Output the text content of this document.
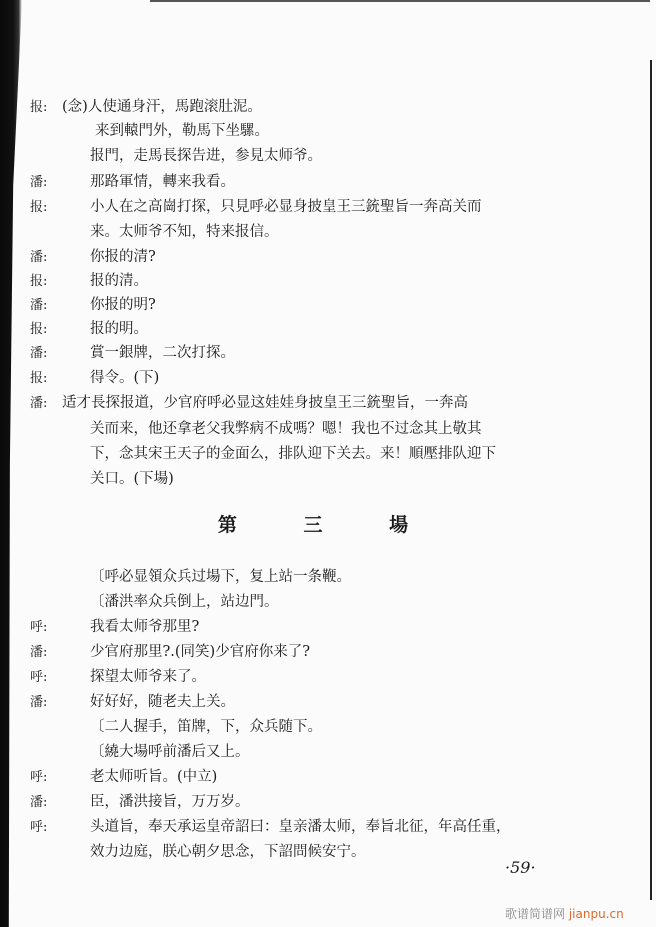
报: (念)人使通身汗，馬跑滚肚泥。
来到轅門外，勒馬下坐騾。
报門，走馬長探告进，参見太师爷。
潘:	那路軍情，轉来我看。
报:	小人在之高崗打探，只見呼必显身披皇王三銃聖旨一奔高关而
来。太师爷不知，特来报信。
潘:	你报的清?
报:	报的清。
潘:	你报的明?
报:	报的明。
潘:	賞一銀牌，二次打探。
报:	得令。(下)
潘: 适才長探报道，少官府呼必显这娃娃身披皇王三銃聖旨，一奔高
关而来，他还拿老父我弊病不成嗎？嗯！我也不过念其上敬其
下，念其宋王天子的金面么，排队迎下关去。来！順壓排队迎下
关口。(下場)
第 三 場
〔呼必显領众兵过場下，复上站一条鞭。
〔潘洪率众兵倒上，站边門。
呼:	我看太师爷那里?
潘:	少官府那里?.(同笑)少官府你来了?
呼:	探望太师爷来了。
潘:	好好好，随老夫上关。
〔二人握手，笛牌，下，众兵随下。
〔繞大場呼前潘后又上。
呼:	老太师听旨。(中立)
潘:	臣，潘洪接旨，万万岁。
呼:	头道旨，奉天承运皇帝詔曰：皇亲潘太师，奉旨北征，年高任重，
效力边庭，朕心朝夕思念，下詔問候安宁。
·59·
歌谱简谱网 jianpu.cn
